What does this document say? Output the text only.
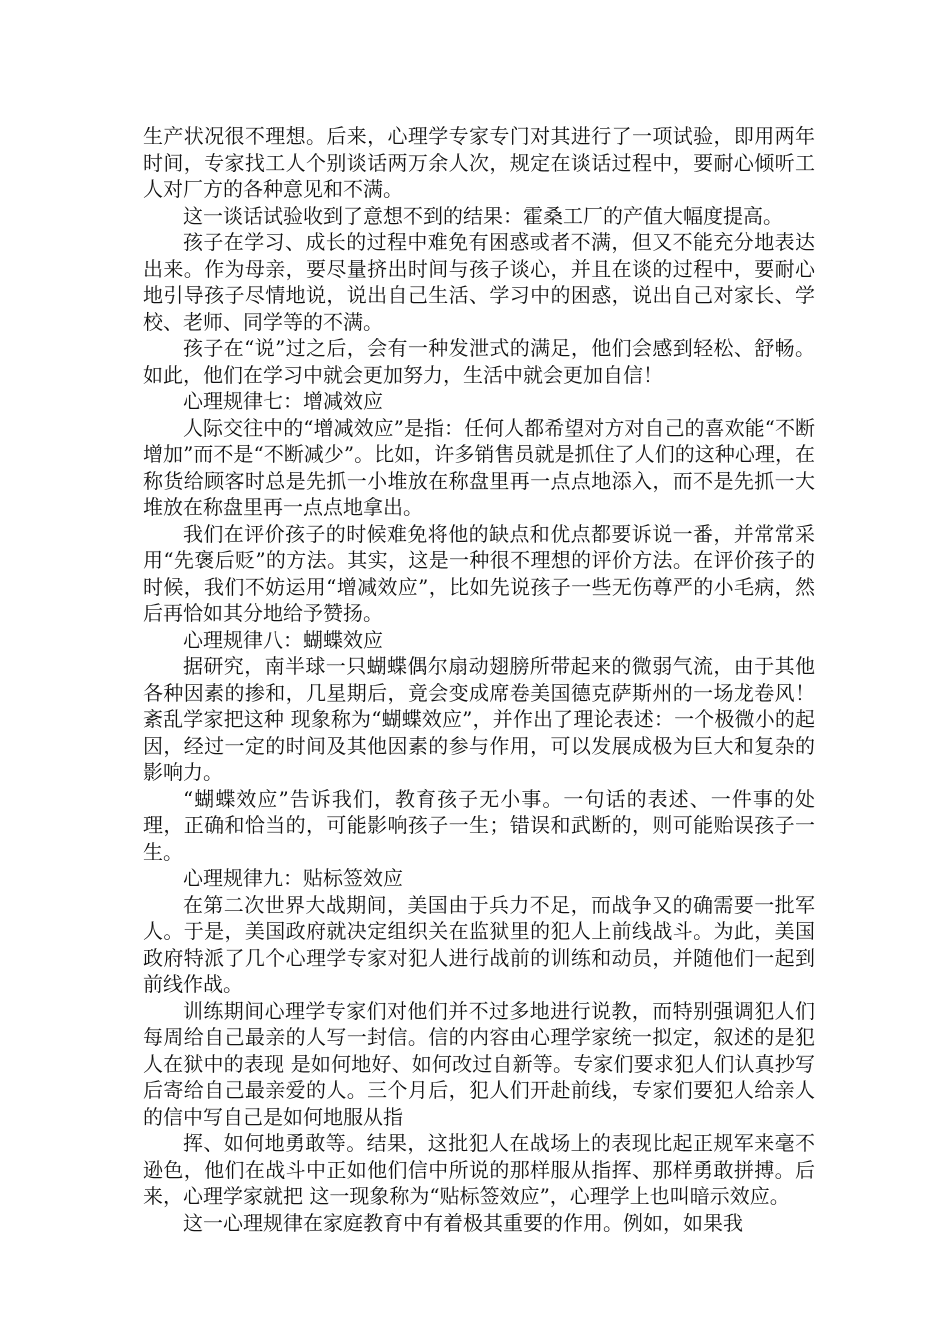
生产状况很不理想。后来，心理学专家专门对其进行了一项试验，即用两年时间，专家找工人个别谈话两万余人次，规定在谈话过程中，要耐心倾听工人对厂方的各种意见和不满。

这一谈话试验收到了意想不到的结果：霍桑工厂的产值大幅度提高。

孩子在学习、成长的过程中难免有困惑或者不满，但又不能充分地表达出来。作为母亲，要尽量挤出时间与孩子谈心，并且在谈的过程中，要耐心地引导孩子尽情地说，说出自己生活、学习中的困惑，说出自己对家长、学校、老师、同学等的不满。

孩子在“说”过之后，会有一种发泄式的满足，他们会感到轻松、舒畅。如此，他们在学习中就会更加努力，生活中就会更加自信！

心理规律七：增减效应

人际交往中的“增减效应”是指：任何人都希望对方对自己的喜欢能“不断增加”而不是“不断减少”。比如，许多销售员就是抓住了人们的这种心理，在称货给顾客时总是先抓一小堆放在称盘里再一点点地添入，而不是先抓一大堆放在称盘里再一点点地拿出。

我们在评价孩子的时候难免将他的缺点和优点都要诉说一番，并常常采用“先褒后贬”的方法。其实，这是一种很不理想的评价方法。在评价孩子的时候，我们不妨运用“增减效应”，比如先说孩子一些无伤尊严的小毛病，然后再恰如其分地给予赞扬。

心理规律八：蝴蝶效应

据研究，南半球一只蝴蝶偶尔扇动翅膀所带起来的微弱气流，由于其他各种因素的掺和，几星期后，竟会变成席卷美国德克萨斯州的一场龙卷风！紊乱学家把这种 现象称为“蝴蝶效应”，并作出了理论表述：一个极微小的起因，经过一定的时间及其他因素的参与作用，可以发展成极为巨大和复杂的影响力。

“蝴蝶效应”告诉我们，教育孩子无小事。一句话的表述、一件事的处理，正确和恰当的，可能影响孩子一生；错误和武断的，则可能贻误孩子一生。

心理规律九：贴标签效应

在第二次世界大战期间，美国由于兵力不足，而战争又的确需要一批军人。于是，美国政府就决定组织关在监狱里的犯人上前线战斗。为此，美国政府特派了几个心理学专家对犯人进行战前的训练和动员，并随他们一起到前线作战。

训练期间心理学专家们对他们并不过多地进行说教，而特别强调犯人们每周给自己最亲的人写一封信。信的内容由心理学家统一拟定，叙述的是犯人在狱中的表现 是如何地好、如何改过自新等。专家们要求犯人们认真抄写后寄给自己最亲爱的人。三个月后，犯人们开赴前线，专家们要犯人给亲人的信中写自己是如何地服从指

挥、如何地勇敢等。结果，这批犯人在战场上的表现比起正规军来毫不逊色，他们在战斗中正如他们信中所说的那样服从指挥、那样勇敢拼搏。后来，心理学家就把 这一现象称为“贴标签效应”，心理学上也叫暗示效应。

这一心理规律在家庭教育中有着极其重要的作用。例如，如果我
